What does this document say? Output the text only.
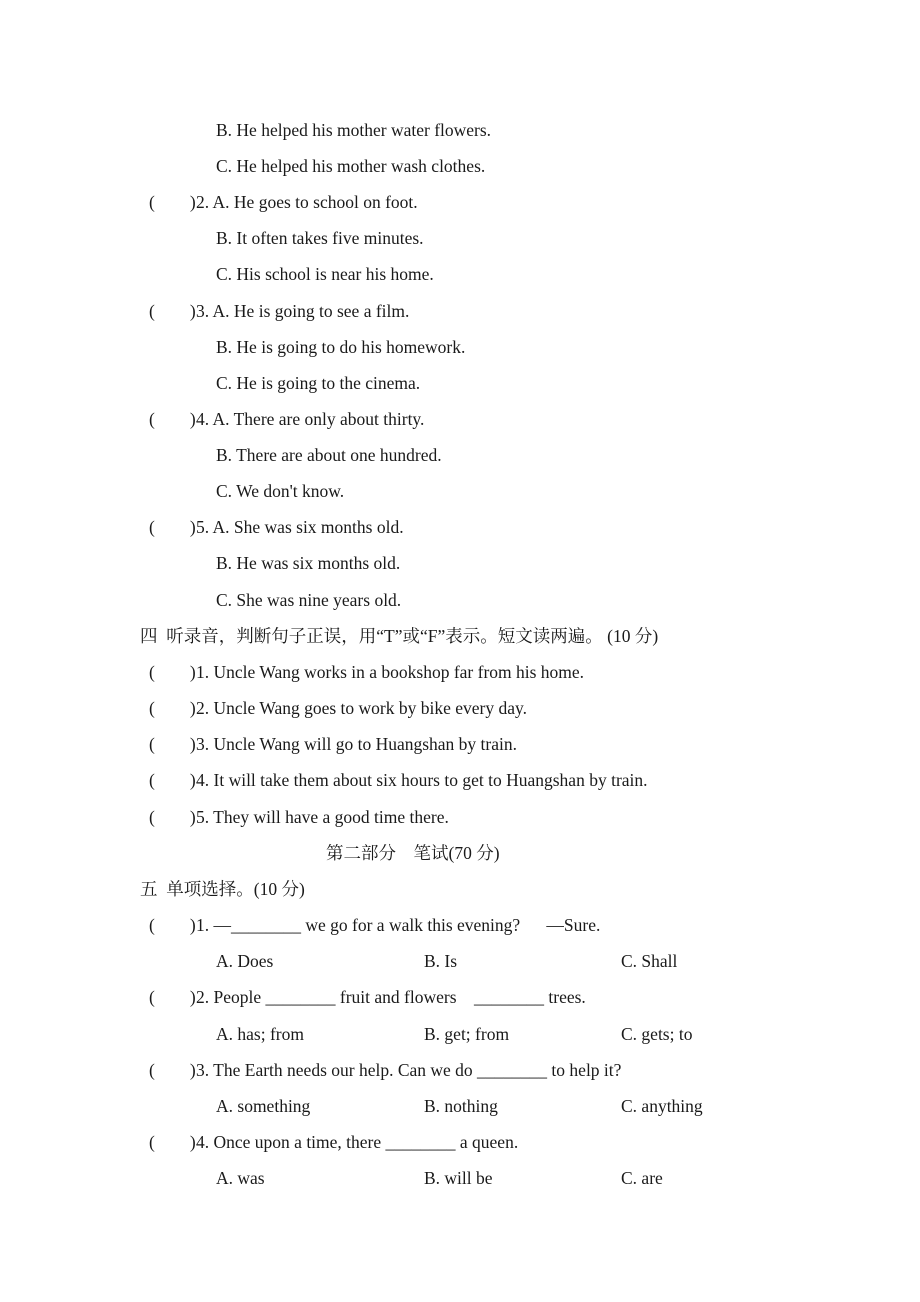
B. He helped his mother water flowers.
C. He helped his mother wash clothes.
(        ) 2. A. He goes to school on foot.
B. It often takes five minutes.
C. His school is near his home.
(        ) 3. A. He is going to see a film.
B. He is going to do his homework.
C. He is going to the cinema.
(        ) 4. A. There are only about thirty.
B. There are about one hundred.
C. We don't know.
(        ) 5. A. She was six months old.
B. He was six months old.
C. She was nine years old.
四  听录音，判断句子正误，用“T”或“F”表示。短文读两遍。 (10 分)
(        ) 1. Uncle Wang works in a bookshop far from his home.
(        ) 2. Uncle Wang goes to work by bike every day.
(        ) 3. Uncle Wang will go to Huangshan by train.
(        ) 4. It will take them about six hours to get to Huangshan by train.
(        ) 5. They will have a good time there.
第二部分    笔试(70 分)
五  单项选择。(10 分)
(        ) 1. —________ we go for a walk this evening?      —Sure.
A. Does	B. Is	C. Shall
(        ) 2. People ________ fruit and flowers    ________ trees.
A. has; from	B. get; from	C. gets; to
(        ) 3. The Earth needs our help. Can we do ________ to help it?
A. something	B. nothing	C. anything
(        ) 4. Once upon a time, there ________ a queen.
A. was	B. will be	C. are
